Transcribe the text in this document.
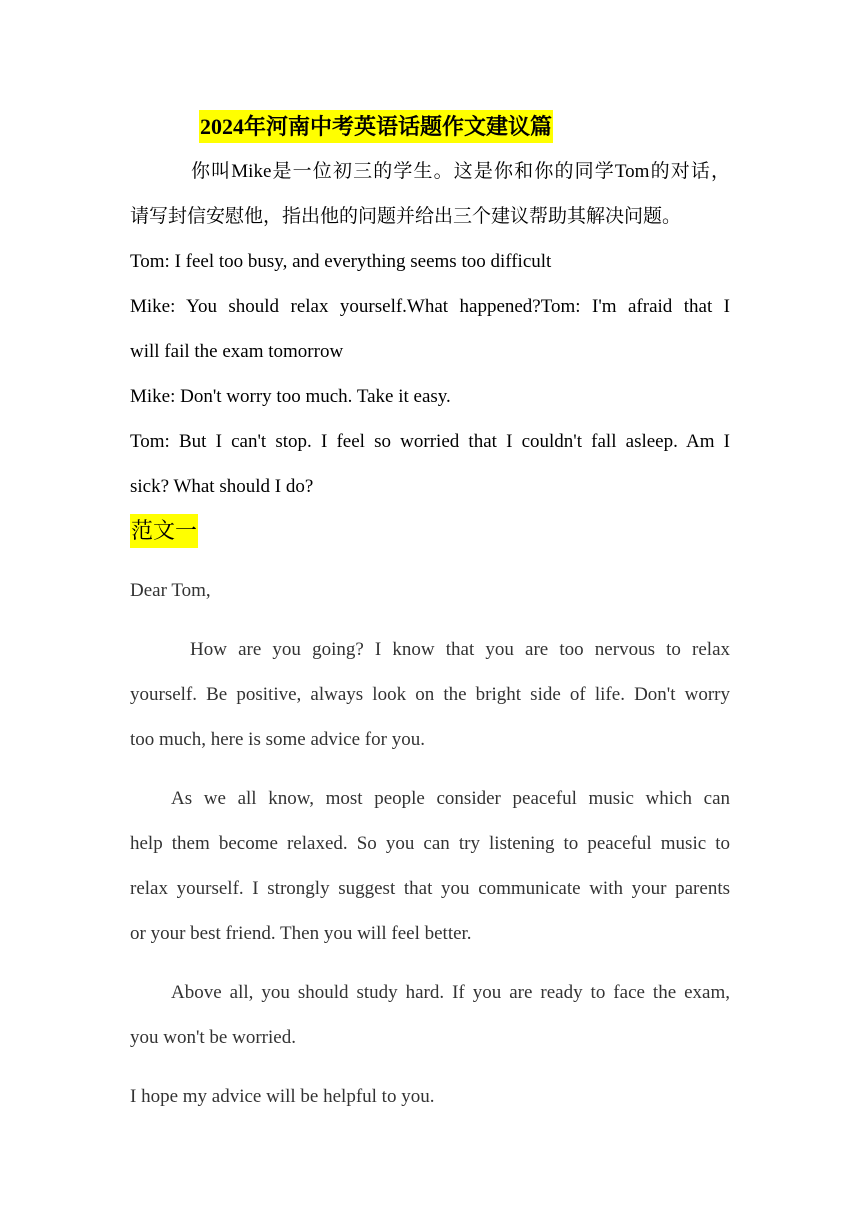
2024年河南中考英语话题作文建议篇
你叫Mike是一位初三的学生。这是你和你的同学Tom的对话，
请写封信安慰他，指出他的问题并给出三个建议帮助其解决问题。
Tom: I feel too busy, and everything seems too difficult
Mike: You should relax yourself.What happened?Tom: I'm afraid that I
will fail the exam tomorrow
Mike: Don't worry too much. Take it easy.
Tom: But I can't stop. I feel so worried that I couldn't fall asleep. Am I
sick? What should I do?
范文一
Dear Tom,
How are you going? I know that you are too nervous to relax
yourself. Be positive, always look on the bright side of life. Don't worry
too much, here is some advice for you.
As we all know, most people consider peaceful music which can
help them become relaxed. So you can try listening to peaceful music to
relax yourself. I strongly suggest that you communicate with your parents
or your best friend. Then you will feel better.
Above all, you should study hard. If you are ready to face the exam,
you won't be worried.
I hope my advice will be helpful to you.
